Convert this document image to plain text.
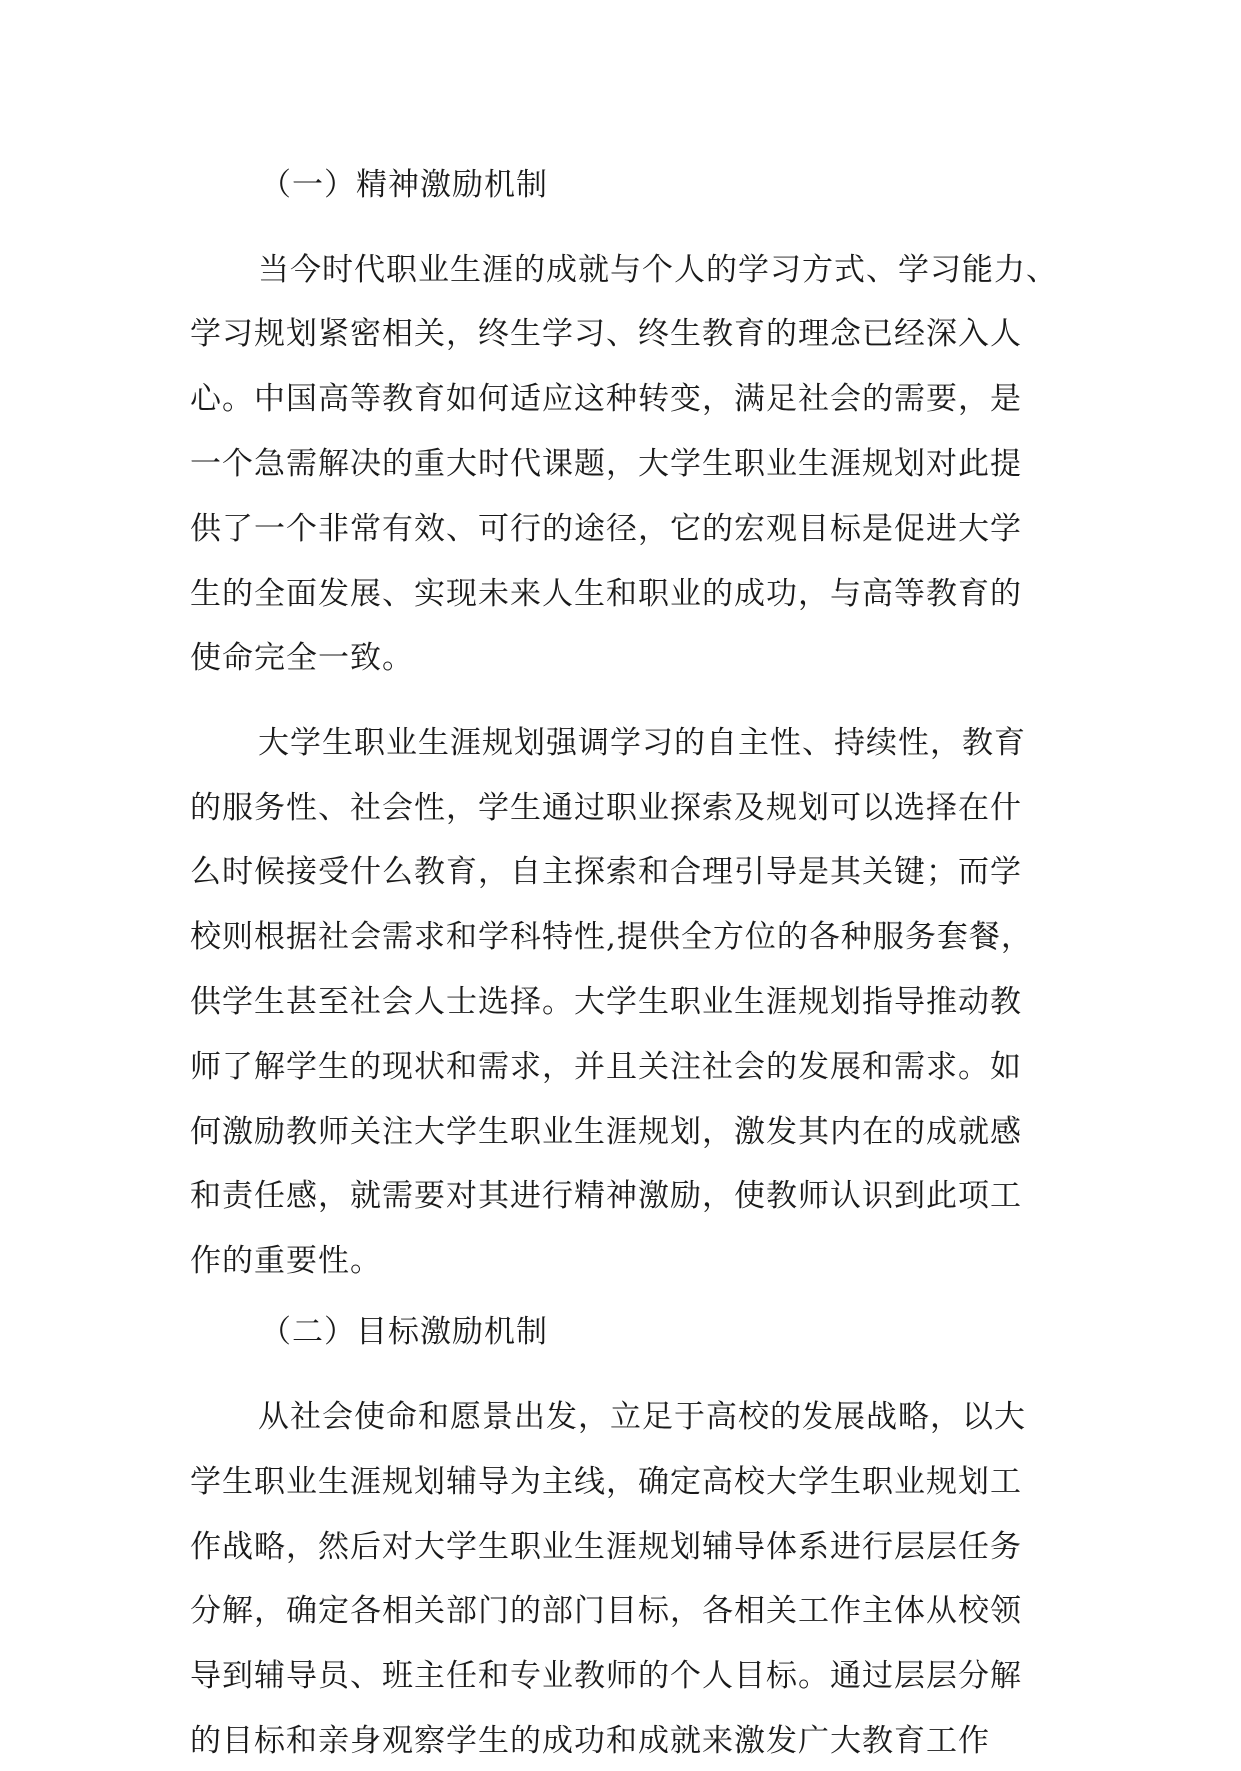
（一）精神激励机制
当今时代职业生涯的成就与个人的学习方式、学习能力、
学习规划紧密相关，终生学习、终生教育的理念已经深入人
心。中国高等教育如何适应这种转变，满足社会的需要，是
一个急需解决的重大时代课题，大学生职业生涯规划对此提
供了一个非常有效、可行的途径，它的宏观目标是促进大学
生的全面发展、实现未来人生和职业的成功，与高等教育的
使命完全一致。
大学生职业生涯规划强调学习的自主性、持续性，教育
的服务性、社会性，学生通过职业探索及规划可以选择在什
么时候接受什么教育，自主探索和合理引导是其关键；而学
校则根据社会需求和学科特性,提供全方位的各种服务套餐，
供学生甚至社会人士选择。大学生职业生涯规划指导推动教
师了解学生的现状和需求，并且关注社会的发展和需求。如
何激励教师关注大学生职业生涯规划，激发其内在的成就感
和责任感，就需要对其进行精神激励，使教师认识到此项工
作的重要性。
（二）目标激励机制
从社会使命和愿景出发，立足于高校的发展战略，以大
学生职业生涯规划辅导为主线，确定高校大学生职业规划工
作战略，然后对大学生职业生涯规划辅导体系进行层层任务
分解，确定各相关部门的部门目标，各相关工作主体从校领
导到辅导员、班主任和专业教师的个人目标。通过层层分解
的目标和亲身观察学生的成功和成就来激发广大教育工作
